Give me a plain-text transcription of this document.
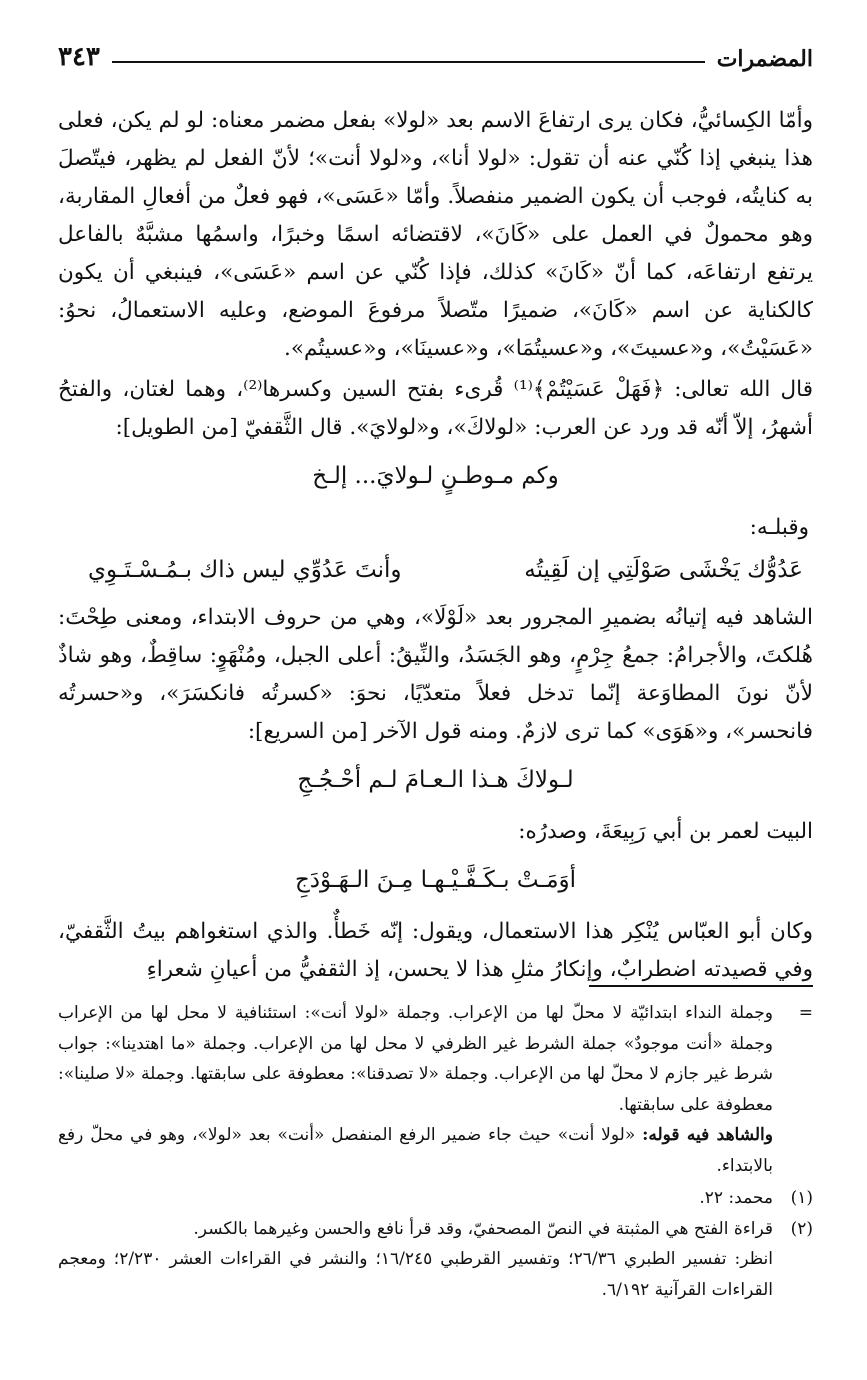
المضمرات
٣٤٣

وأمّا الكِسائيُّ، فكان يرى ارتفاعَ الاسم بعد «لولا» بفعل مضمر معناه: لو لم يكن، فعلى هذا ينبغي إذا كُنّي عنه أن تقول: «لولا أنا»، و«لولا أنت»؛ لأنّ الفعل لم يظهر، فيتّصلَ به كنايتُه، فوجب أن يكون الضمير منفصلاً. وأمّا «عَسَى»، فهو فعلٌ من أفعالِ المقاربة، وهو محمولٌ في العمل على «كَانَ»، لاقتضائه اسمًا وخبرًا، واسمُها مشبَّهٌ بالفاعل يرتفع ارتفاعَه، كما أنّ «كَانَ» كذلك، فإذا كُنّي عن اسم «عَسَى»، فينبغي أن يكون كالكناية عن اسم «كَانَ»، ضميرًا متّصلاً مرفوعَ الموضع، وعليه الاستعمالُ، نحوُ: «عَسَيْتُ»، و«عسيتَ»، و«عسيتُمَا»، و«عسينَا»، و«عسيتُم».

قال الله تعالى: ﴿فَهَلْ عَسَيْتُمْ﴾⁽¹⁾ قُرىء بفتح السين وكسرها⁽²⁾، وهما لغتان، والفتحُ أشهرُ، إلاّ أنّه قد ورد عن العرب: «لولاكَ»، و«لولايَ». قال الثَّقفيّ [من الطويل]:

وكم مـوطـنٍ لـولايَ... إلـخ

وقبلـه:

عَدُوُّك يَخْشَى صَوْلَتِي إن لَقِيتُه
وأنتَ عَدُوِّي ليس ذاك بـمُـسْـتَـوِي

الشاهد فيه إتيانُه بضميرِ المجرور بعد «لَوْلَا»، وهي من حروف الابتداء، ومعنى طِحْتَ: هُلكتَ، والأجرامُ: جمعُ جِرْمٍ، وهو الجَسَدُ، والنِّيقُ: أعلى الجبل، ومُنْهَوٍ: ساقِطٌ، وهو شاذٌ لأنّ نونَ المطاوَعة إنّما تدخل فعلاً متعدّيًا، نحوَ: «كسرتُه فانكسَرَ»، و«حسرتُه فانحسر»، و«هَوَى» كما ترى لازمٌ. ومنه قول الآخر [من السريع]:

لـولاكَ هـذا الـعـامَ لـم أحْـجُـجِ

البيت لعمر بن أبي رَبِيعَةَ، وصدرُه:

أوَمَـتْ بـكَـفَّـيْـهـا مِـنَ الـهَـوْدَجِ

وكان أبو العبّاس يُنْكِر هذا الاستعمال، ويقول: إنّه خَطأٌ. والذي استغواهم بيتُ الثَّقفيّ، وفي قصيدته اضطرابٌ، وإنكارُ مثلِ هذا لا يحسن، إذ الثقفيُّ من أعيانِ شعراءِ

=
وجملة النداء ابتدائيّة لا محلّ لها من الإعراب. وجملة «لولا أنت»: استئنافية لا محل لها من الإعراب وجملة «أنت موجودٌ» جملة الشرط غير الظرفي لا محل لها من الإعراب. وجملة «ما اهتدينا»: جواب شرط غير جازم لا محلّ لها من الإعراب. وجملة «لا تصدقنا»: معطوفة على سابقتها. وجملة «لا صلينا»: معطوفة على سابقتها.
والشاهد فيه قوله: «لولا أنت» حيث جاء ضمير الرفع المنفصل «أنت» بعد «لولا»، وهو في محلّ رفع بالابتداء.
(١)
محمد: ٢٢.
(٢)
قراءة الفتح هي المثبتة في النصّ المصحفيّ، وقد قرأ نافع والحسن وغيرهما بالكسر.
انظر: تفسير الطبري ٢٦/٣٦؛ وتفسير القرطبي ١٦/٢٤٥؛ والنشر في القراءات العشر ٢/٢٣٠؛ ومعجم القراءات القرآنية ٦/١٩٢.
